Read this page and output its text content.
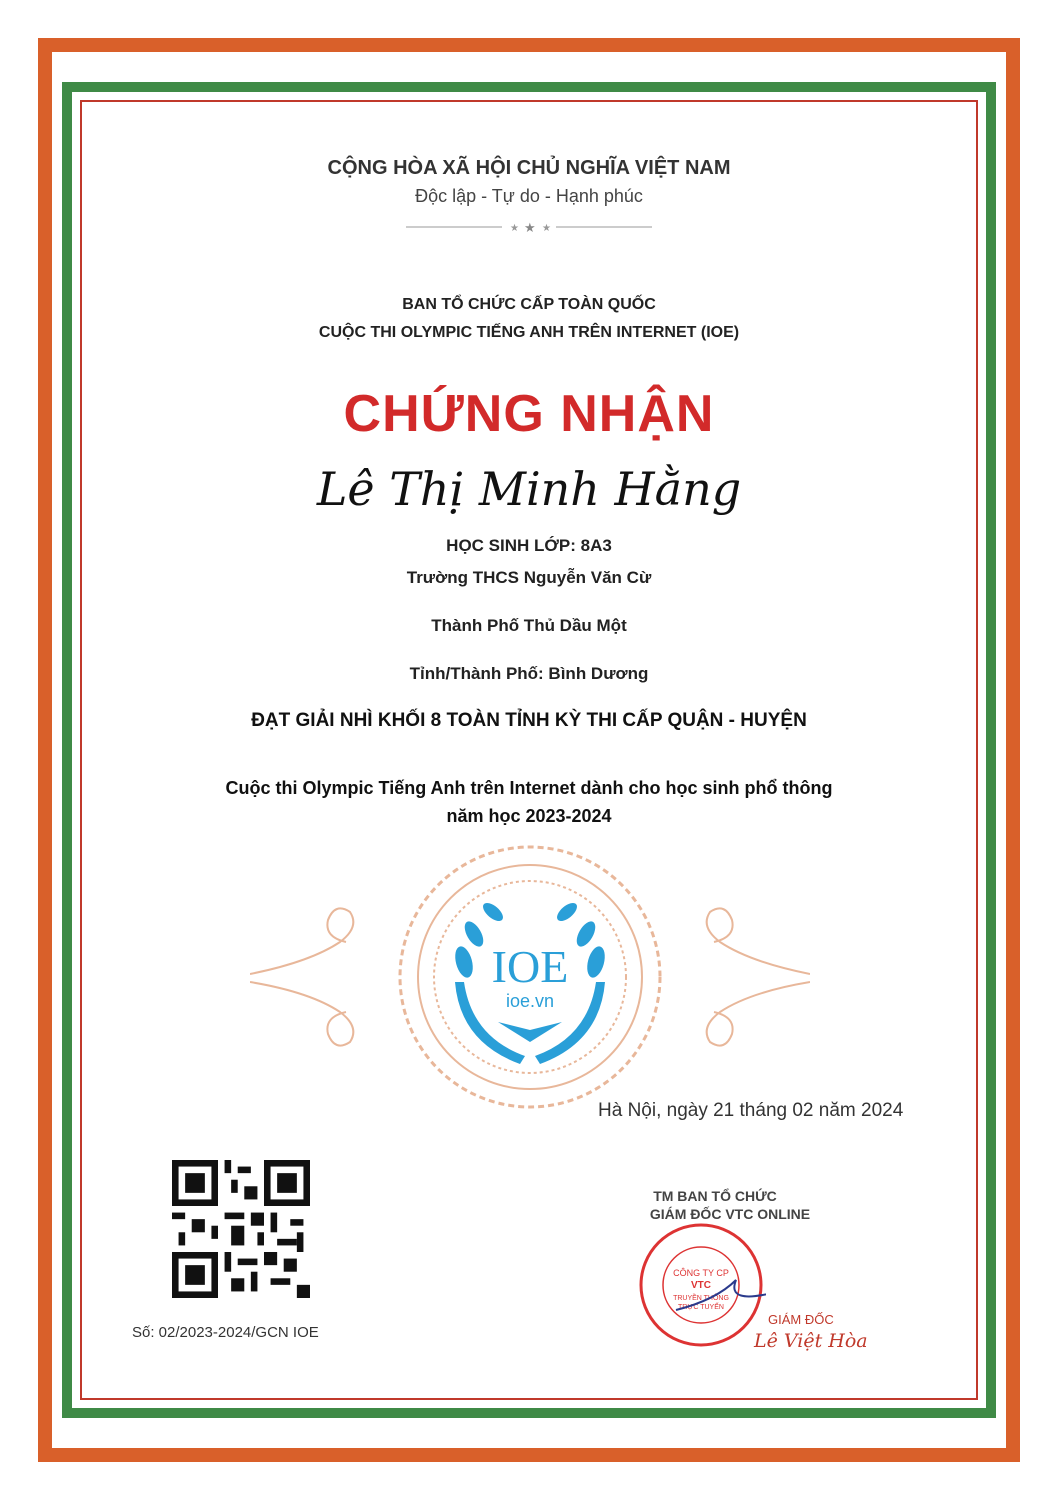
CỘNG HÒA XÃ HỘI CHỦ NGHĨA VIỆT NAM
Độc lập - Tự do - Hạnh phúc
★ ★ ★
BAN TỔ CHỨC CẤP TOÀN QUỐC
CUỘC THI OLYMPIC TIẾNG ANH TRÊN INTERNET (IOE)
CHỨNG NHẬN
Lê Thị Minh Hằng
HỌC SINH LỚP: 8A3
Trường THCS Nguyễn Văn Cừ
Thành Phố Thủ Dầu Một
Tỉnh/Thành Phố: Bình Dương
ĐẠT GIẢI NHÌ KHỐI 8 TOÀN TỈNH KỲ THI CẤP QUẬN - HUYỆN
Cuộc thi Olympic Tiếng Anh trên Internet dành cho học sinh phổ thông
năm học 2023-2024
IOE
ioe.vn
Hà Nội, ngày 21 tháng 02 năm 2024
Số: 02/2023-2024/GCN IOE
TM BAN TỔ CHỨC
GIÁM ĐỐC VTC ONLINE
CÔNG TY CP
VTC
TRUYỀN THÔNG
TRỰC TUYẾN
GIÁM ĐỐC
Lê Việt Hòa
